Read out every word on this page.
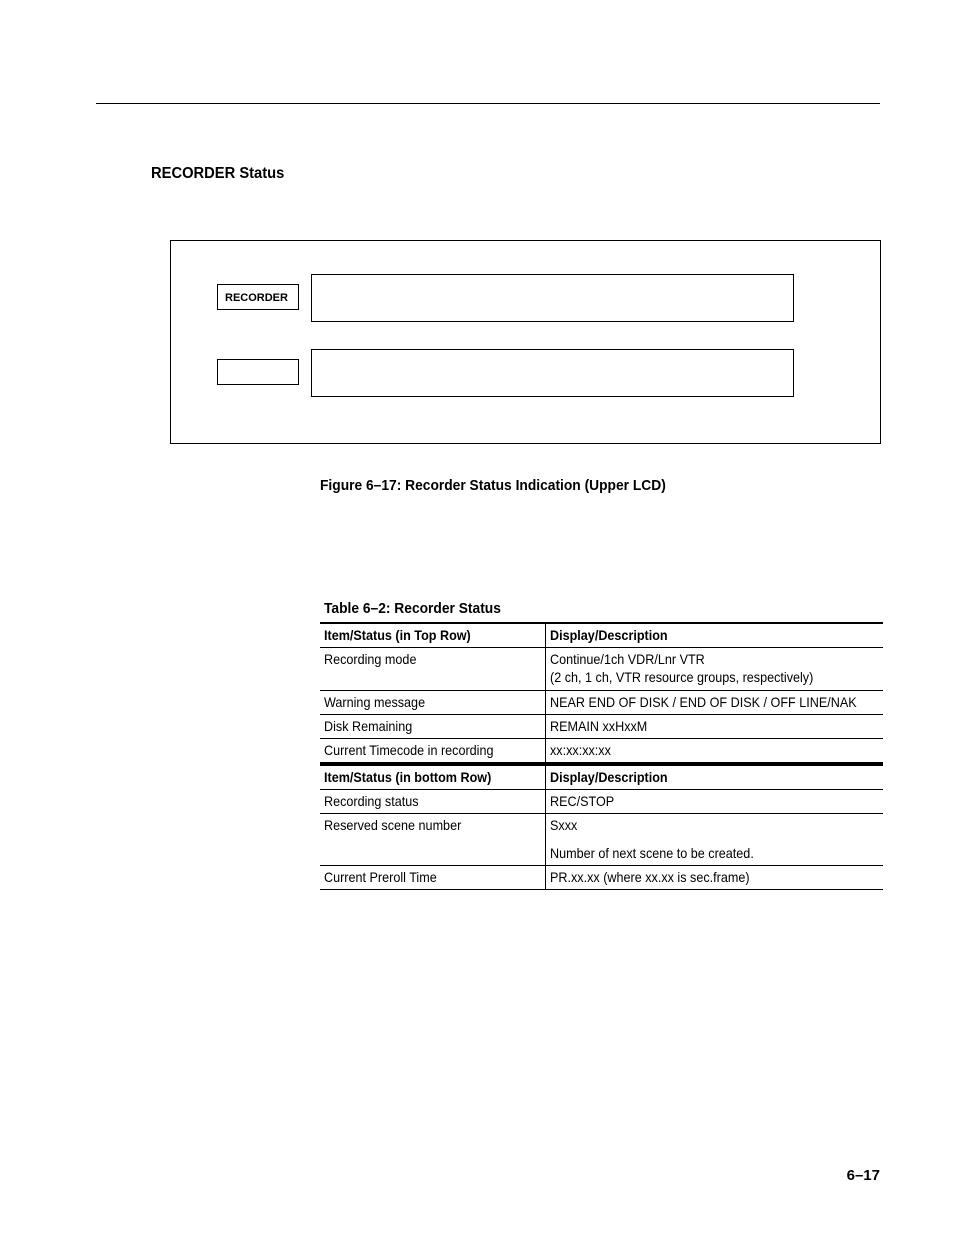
RECORDER Status
RECORDER
Figure 6–17: Recorder Status Indication (Upper LCD)
Table 6–2: Recorder Status
Item/Status (in Top Row)	Display/Description
Recording mode	Continue/1ch VDR/Lnr VTR
(2 ch, 1 ch, VTR resource groups, respectively)
Warning message	NEAR END OF DISK / END OF DISK / OFF LINE/NAK
Disk Remaining	REMAIN xxHxxM
Current Timecode in recording	xx:xx:xx:xx
Item/Status (in bottom Row)	Display/Description
Recording status	REC/STOP
Reserved scene number	Sxxx
Number of next scene to be created.
Current Preroll Time	PR.xx.xx (where xx.xx is sec.frame)
6–17
